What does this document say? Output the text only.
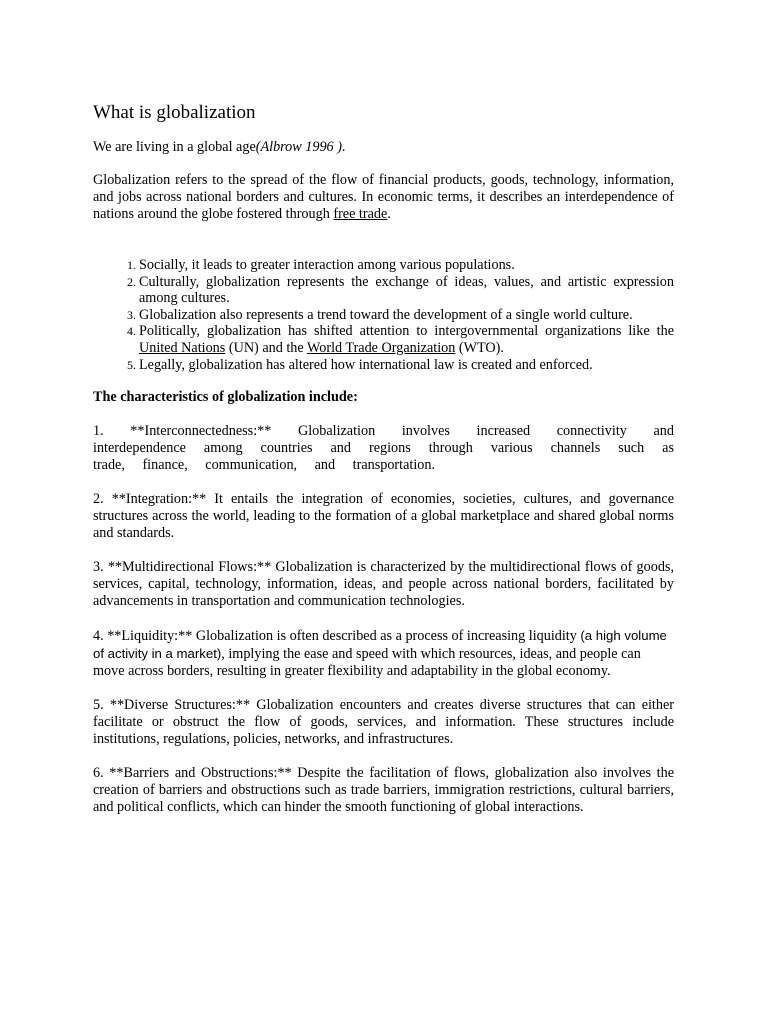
What is globalization

We are living in a global age(Albrow 1996 ).

Globalization refers to the spread of the flow of financial products, goods, technology, information, and jobs across national borders and cultures. In economic terms, it describes an interdependence of nations around the globe fostered through free trade.

1. Socially, it leads to greater interaction among various populations.
2. Culturally, globalization represents the exchange of ideas, values, and artistic expression among cultures.
3. Globalization also represents a trend toward the development of a single world culture.
4. Politically, globalization has shifted attention to intergovernmental organizations like the United Nations (UN) and the World Trade Organization (WTO).
5. Legally, globalization has altered how international law is created and enforced.

The characteristics of globalization include:

1. **Interconnectedness:** Globalization involves increased connectivity and interdependence among countries and regions through various channels such as trade, finance, communication, and transportation.

2. **Integration:** It entails the integration of economies, societies, cultures, and governance structures across the world, leading to the formation of a global marketplace and shared global norms and standards.

3. **Multidirectional Flows:** Globalization is characterized by the multidirectional flows of goods, services, capital, technology, information, ideas, and people across national borders, facilitated by advancements in transportation and communication technologies.

4. **Liquidity:** Globalization is often described as a process of increasing liquidity (a high volume of activity in a market), implying the ease and speed with which resources, ideas, and people can move across borders, resulting in greater flexibility and adaptability in the global economy.

5. **Diverse Structures:** Globalization encounters and creates diverse structures that can either facilitate or obstruct the flow of goods, services, and information. These structures include institutions, regulations, policies, networks, and infrastructures.

6. **Barriers and Obstructions:** Despite the facilitation of flows, globalization also involves the creation of barriers and obstructions such as trade barriers, immigration restrictions, cultural barriers, and political conflicts, which can hinder the smooth functioning of global interactions.
